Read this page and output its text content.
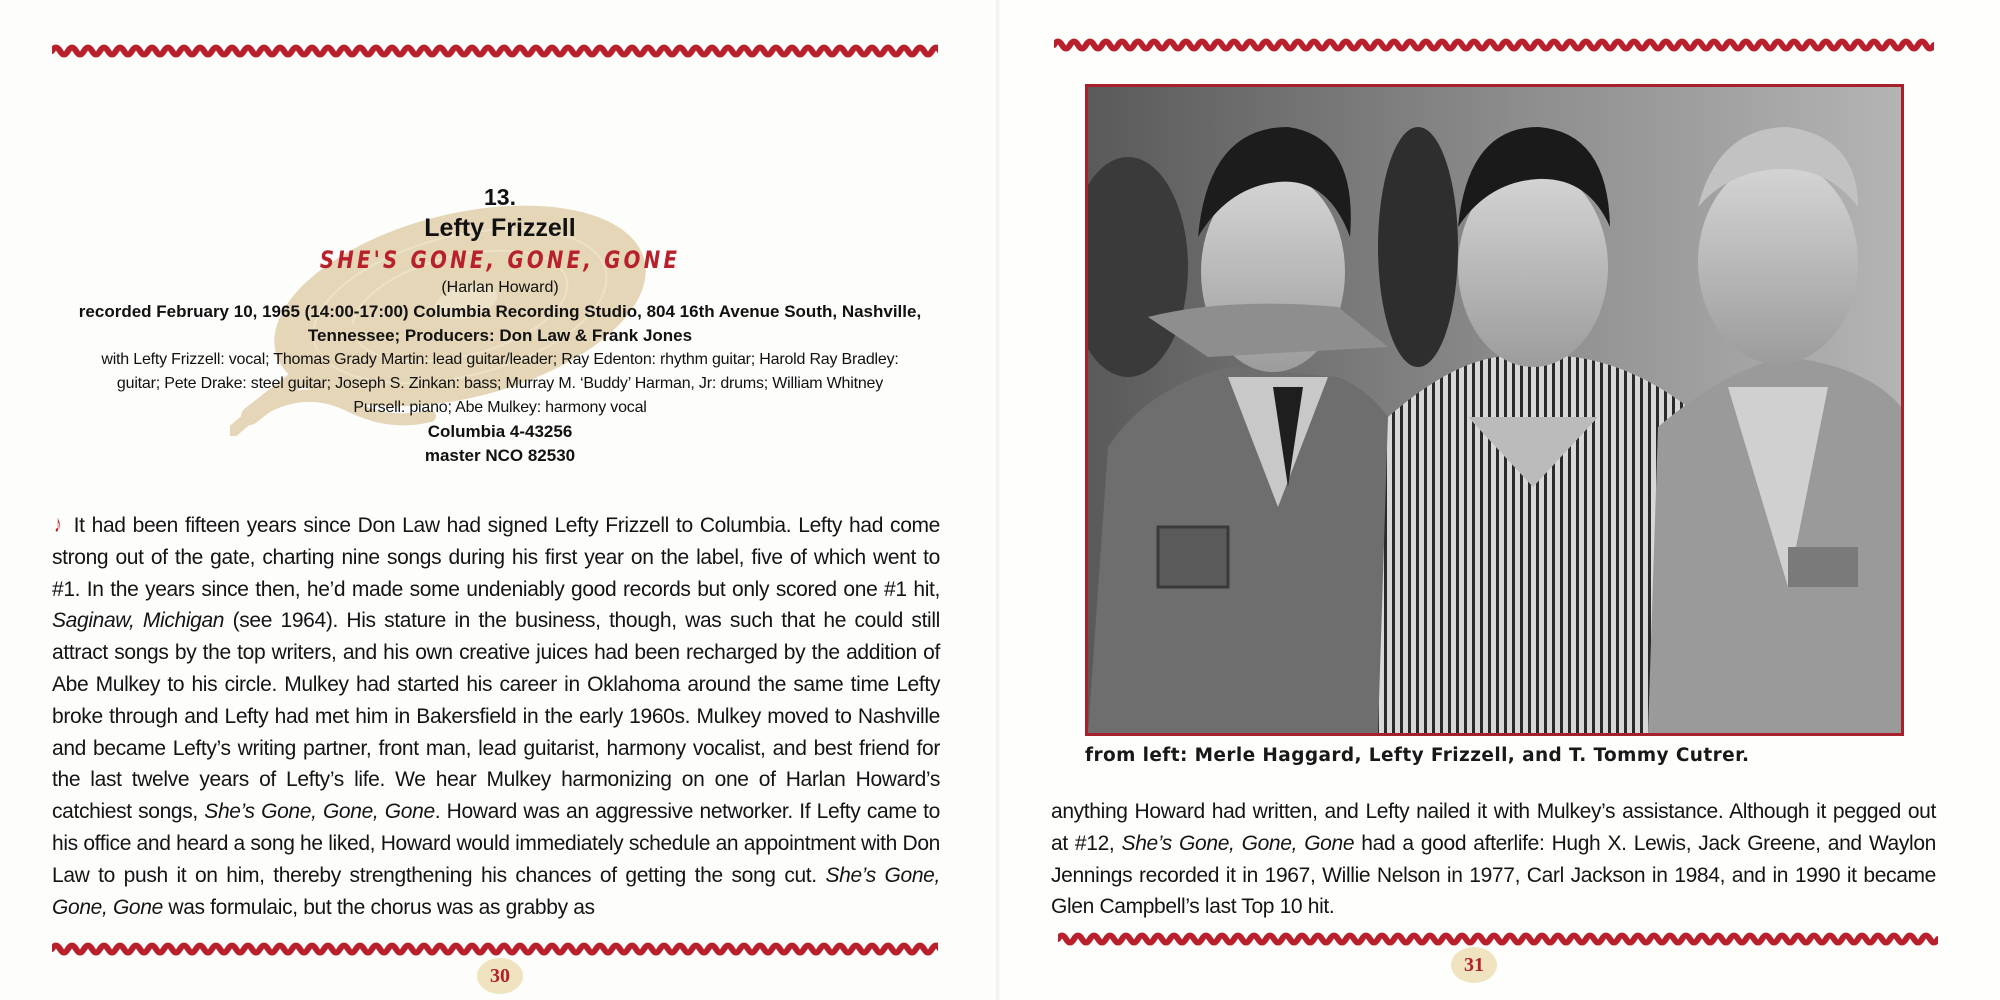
13.
Lefty Frizzell
SHE'S GONE, GONE, GONE
(Harlan Howard)
recorded February 10, 1965 (14:00-17:00) Columbia Recording Studio, 804 16th Avenue South, Nashville,
Tennessee; Producers: Don Law & Frank Jones
with Lefty Frizzell: vocal; Thomas Grady Martin: lead guitar/leader; Ray Edenton: rhythm guitar; Harold Ray Bradley:
guitar; Pete Drake: steel guitar; Joseph S. Zinkan: bass; Murray M. ‘Buddy’ Harman, Jr: drums; William Whitney
Pursell: piano; Abe Mulkey: harmony vocal
Columbia 4-43256
master NCO 82530
♪ It had been fifteen years since Don Law had signed Lefty Frizzell to Columbia. Lefty had come strong out of the gate, charting nine songs during his first year on the label, five of which went to #1. In the years since then, he’d made some undeniably good records but only scored one #1 hit, Saginaw, Michigan (see 1964). His stature in the business, though, was such that he could still attract songs by the top writers, and his own creative juices had been recharged by the addition of Abe Mulkey to his circle. Mulkey had started his career in Oklahoma around the same time Lefty broke through and Lefty had met him in Bakersfield in the early 1960s. Mulkey moved to Nashville and became Lefty’s writing partner, front man, lead guitarist, harmony vocalist, and best friend for the last twelve years of Lefty’s life. We hear Mulkey harmonizing on one of Harlan Howard’s catchiest songs, She’s Gone, Gone, Gone. Howard was an aggressive networker. If Lefty came to his office and heard a song he liked, Howard would immediately schedule an appointment with Don Law to push it on him, thereby strengthening his chances of getting the song cut. She’s Gone, Gone, Gone was formulaic, but the chorus was as grabby as
30	31
from left: Merle Haggard, Lefty Frizzell, and T. Tommy Cutrer.
anything Howard had written, and Lefty nailed it with Mulkey’s assistance. Although it pegged out at #12, She’s Gone, Gone, Gone had a good afterlife: Hugh X. Lewis, Jack Greene, and Waylon Jennings recorded it in 1967, Willie Nelson in 1977, Carl Jackson in 1984, and in 1990 it became Glen Campbell’s last Top 10 hit.
